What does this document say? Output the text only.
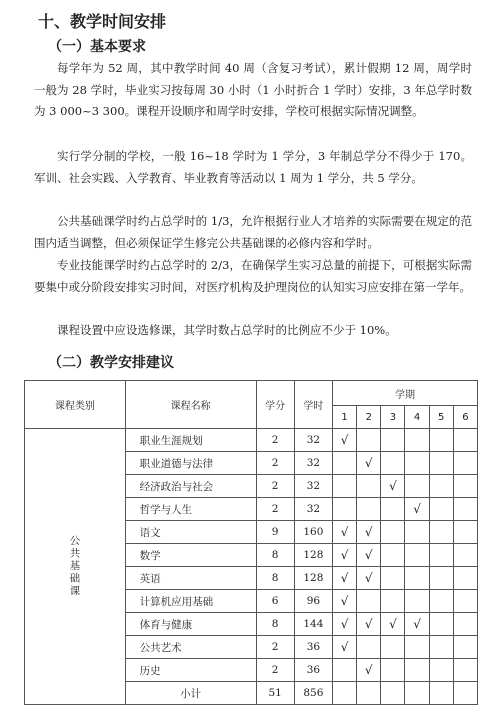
十、教学时间安排
（一）基本要求

每学年为 52 周，其中教学时间 40 周（含复习考试），累计假期 12 周，周学时一般为 28 学时，毕业实习按每周 30 小时（1 小时折合 1 学时）安排，3 年总学时数为 3 000~3 300。课程开设顺序和周学时安排，学校可根据实际情况调整。

实行学分制的学校，一般 16~18 学时为 1 学分，3 年制总学分不得少于 170。军训、社会实践、入学教育、毕业教育等活动以 1 周为 1 学分，共 5 学分。

公共基础课学时约占总学时的 1/3，允许根据行业人才培养的实际需要在规定的范围内适当调整，但必须保证学生修完公共基础课的必修内容和学时。

专业技能课学时约占总学时的 2/3，在确保学生实习总量的前提下，可根据实际需要集中或分阶段安排实习时间，对医疗机构及护理岗位的认知实习应安排在第一学年。

课程设置中应设选修课，其学时数占总学时的比例应不少于 10%。

（二）教学安排建议
课程类别	课程名称	学分	学时	学期					
				1	2	3	4	5	6
公共基础课	职业生涯规划	2	32	√					
	职业道德与法律	2	32		√				
	经济政治与社会	2	32			√			
	哲学与人生	2	32				√		
	语文	9	160	√	√				
	数学	8	128	√	√				
	英语	8	128	√	√				
	计算机应用基础	6	96	√					
	体育与健康	8	144	√	√	√	√		
	公共艺术	2	36	√					
	历史	2	36		√				
	小计	51	856						
